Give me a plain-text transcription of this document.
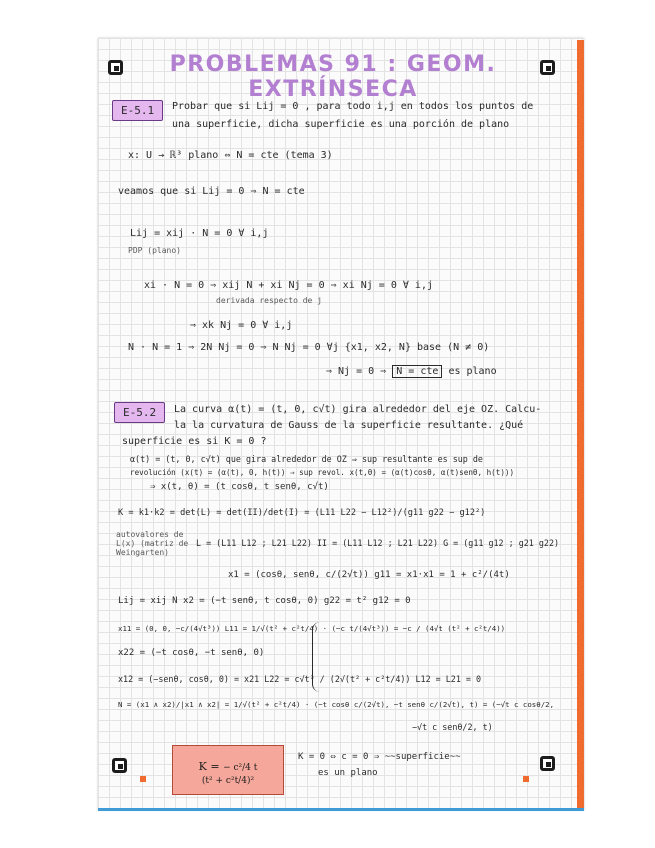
PROBLEMAS 91 : GEOM. EXTRÍNSECA
E-5.1	Probar que si Lij = 0 , para todo i,j en todos los puntos de
una superficie, dicha superficie es una porción de plano
x: U → ℝ³ plano ⇔ N = cte (tema 3)
veamos que si Lij = 0 ⇒ N = cte
Lij = xij · N = 0 ∀ i,j
PDP (plano)
xi · N = 0 ⇒ xij N + xi Nj = 0 ⇒ xi Nj = 0 ∀ i,j
derivada respecto de j
⇒ xk Nj = 0 ∀ i,j
N · N = 1 ⇒ 2N Nj = 0 ⇒ N Nj = 0 ∀j {x1, x2, N} base (N ≠ 0)
⇒ Nj = 0 ⇒ N = cte es plano
E-5.2	La curva α(t) = (t, 0, c√t) gira alrededor del eje OZ. Calcu-
la la curvatura de Gauss de la superficie resultante. ¿Qué
superficie es si K = 0 ?
α(t) = (t, 0, c√t) que gira alrededor de OZ ⇒ sup resultante es sup de
revolución (x(t) = (α(t), 0, h(t)) ⇒ sup revol. x(t,θ) = (α(t)cosθ, α(t)senθ, h(t)))
⇒ x(t, θ) = (t cosθ, t senθ, c√t)
K = k1·k2 = det(L) = det(II)/det(I) = (L11 L22 − L12²)/(g11 g22 − g12²)
autovalores de L(x) (matriz de Weingarten)
L = (L11 L12 ; L21 L22) II = (L11 L12 ; L21 L22) G = (g11 g12 ; g21 g22)
x1 = (cosθ, senθ, c/(2√t)) g11 = x1·x1 = 1 + c²/(4t)
Lij = xij N x2 = (−t senθ, t cosθ, 0) g22 = t² g12 = 0
x11 = (0, 0, −c/(4√t³)) L11 = 1/√(t² + c²t/4) · (−c t/(4√t³)) = −c / (4√t (t² + c²t/4))
x22 = (−t cosθ, −t senθ, 0)
x12 = (−senθ, cosθ, 0) = x21 L22 = c√t³ / (2√(t² + c²t/4)) L12 = L21 = 0
N = (x1 ∧ x2)/|x1 ∧ x2| = 1/√(t² + c²t/4) · (−t cosθ c/(2√t), −t senθ c/(2√t), t) = (−√t c cosθ/2,
−√t c senθ/2, t)
K = − c²/4 t
(t² + c²t/4)²
K = 0 ⇔ c = 0 ⇒ ~~superficie~~
es un plano
